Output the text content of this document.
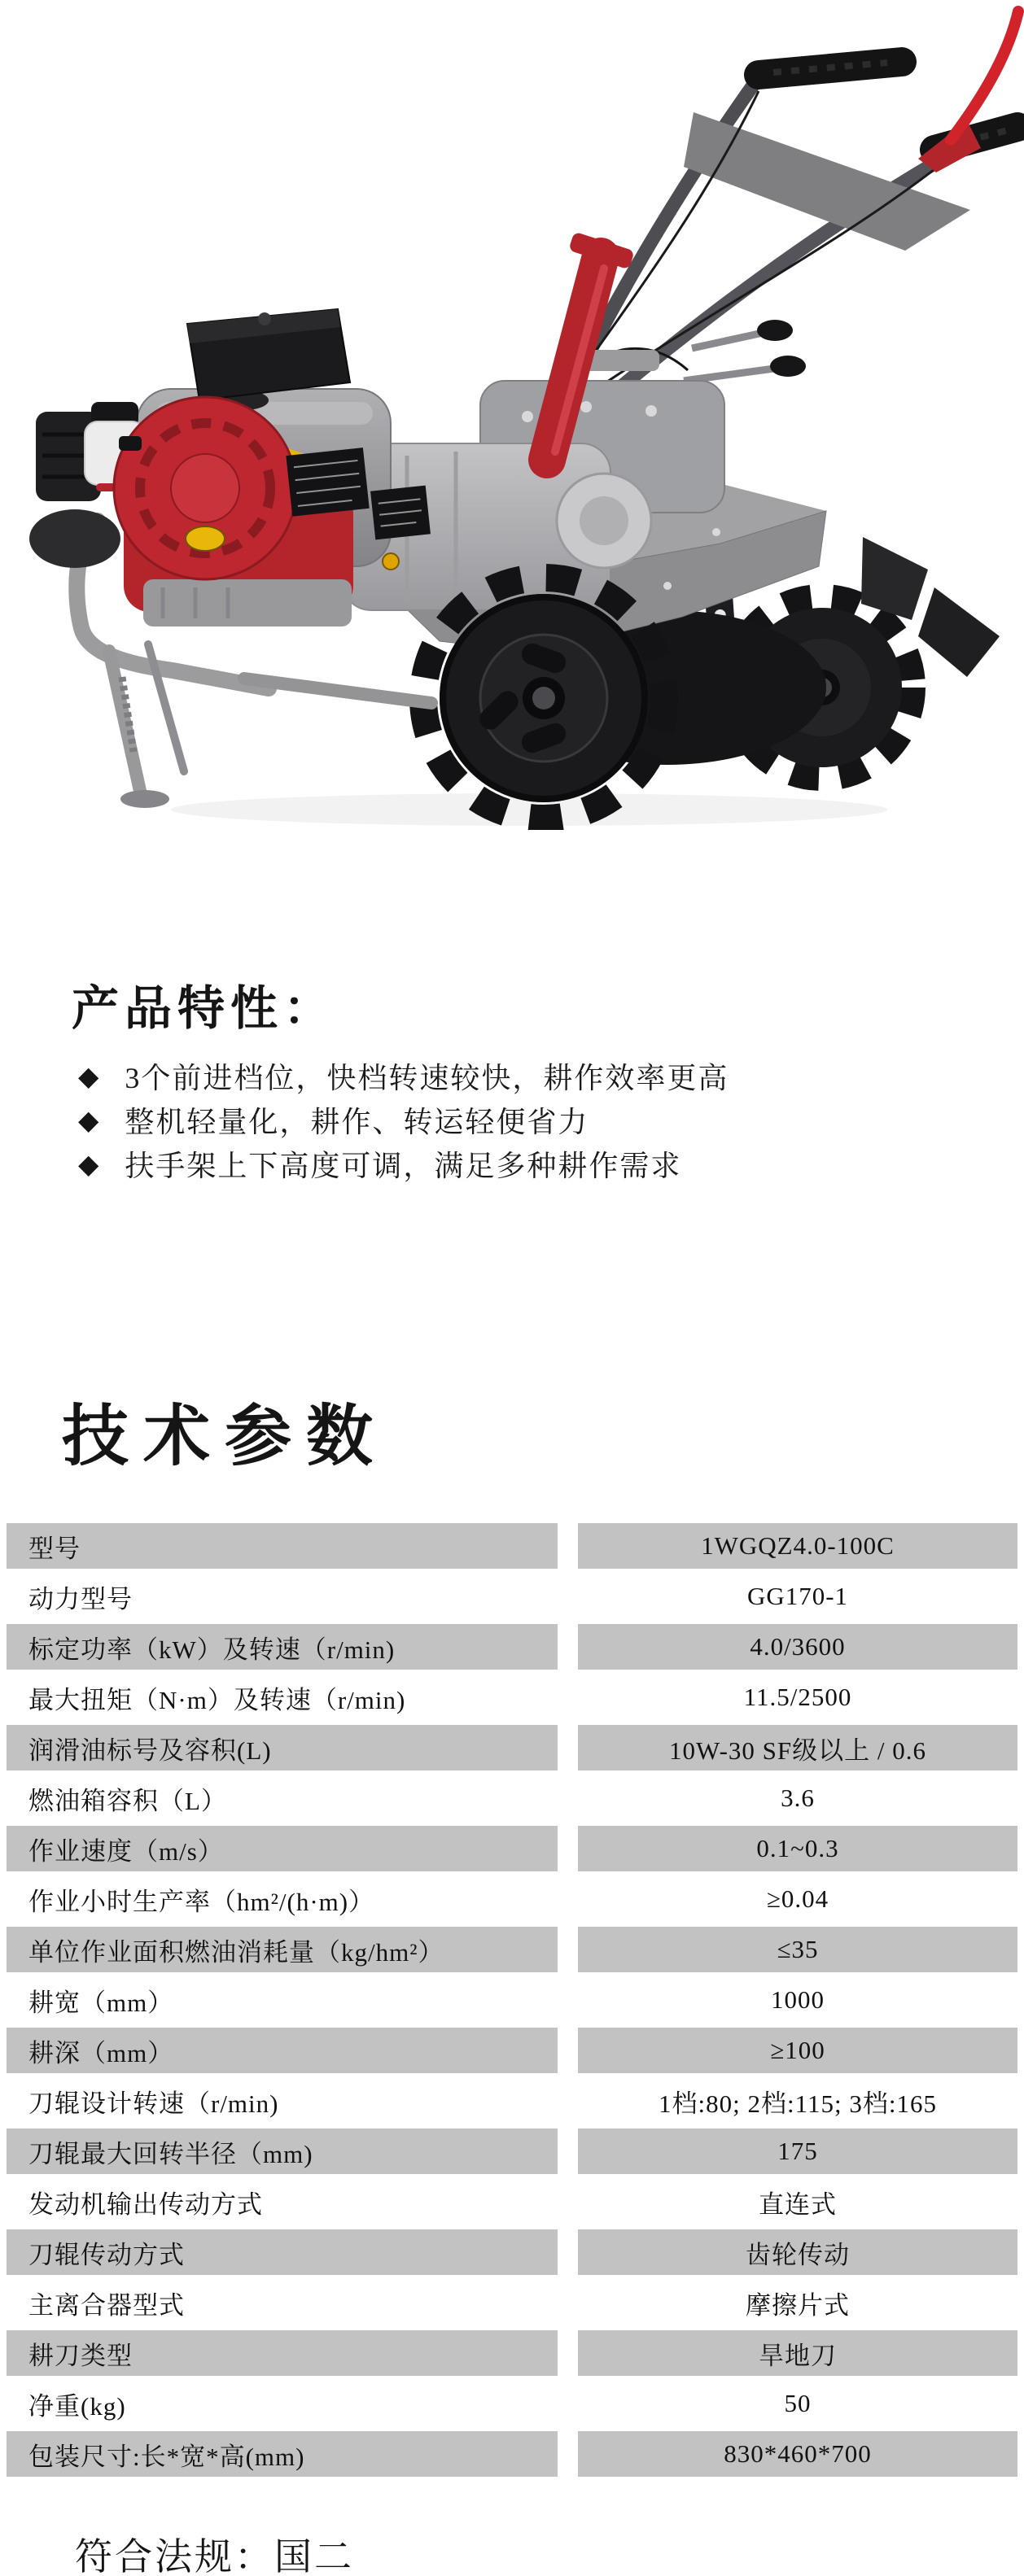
产品特性：
◆ 3个前进档位，快档转速较快，耕作效率更高
◆ 整机轻量化，耕作、转运轻便省力
◆ 扶手架上下高度可调，满足多种耕作需求
技术参数
型号	1WGQZ4.0-100C
动力型号	GG170-1
标定功率（kW）及转速（r/min)	4.0/3600
最大扭矩（N·m）及转速（r/min)	11.5/2500
润滑油标号及容积(L)	10W-30 SF级以上 / 0.6
燃油箱容积（L）	3.6
作业速度（m/s）	0.1~0.3
作业小时生产率（hm²/(h·m)）	≥0.04
单位作业面积燃油消耗量（kg/hm²）	≤35
耕宽（mm）	1000
耕深（mm）	≥100
刀辊设计转速（r/min)	1档:80; 2档:115; 3档:165
刀辊最大回转半径（mm)	175
发动机输出传动方式	直连式
刀辊传动方式	齿轮传动
主离合器型式	摩擦片式
耕刀类型	旱地刀
净重(kg)	50
包装尺寸:长*宽*高(mm)	830*460*700
符合法规：国二
